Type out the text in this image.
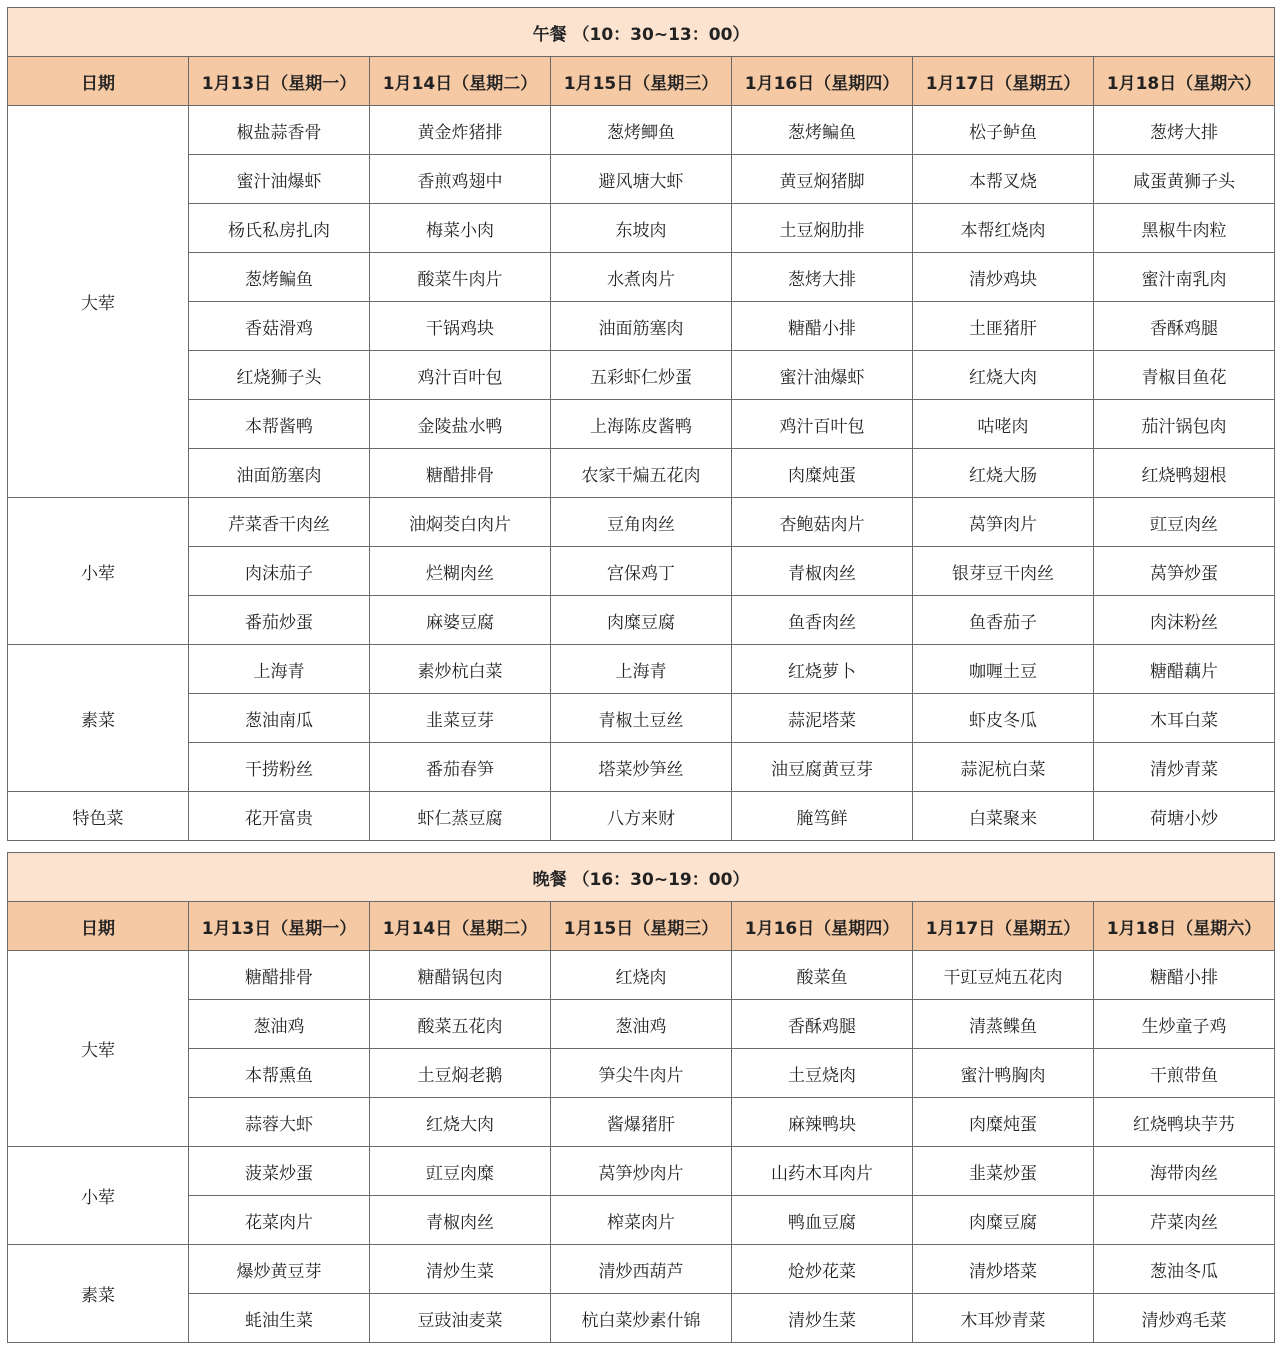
午餐 （10：30~13：00）						
日期	1月13日（星期一）	1月14日（星期二）	1月15日（星期三）	1月16日（星期四）	1月17日（星期五）	1月18日（星期六）
大荤	椒盐蒜香骨	黄金炸猪排	葱烤鲫鱼	葱烤鳊鱼	松子鲈鱼	葱烤大排
	蜜汁油爆虾	香煎鸡翅中	避风塘大虾	黄豆焖猪脚	本帮叉烧	咸蛋黄狮子头
	杨氏私房扎肉	梅菜小肉	东坡肉	土豆焖肋排	本帮红烧肉	黑椒牛肉粒
	葱烤鳊鱼	酸菜牛肉片	水煮肉片	葱烤大排	清炒鸡块	蜜汁南乳肉
	香菇滑鸡	干锅鸡块	油面筋塞肉	糖醋小排	土匪猪肝	香酥鸡腿
	红烧狮子头	鸡汁百叶包	五彩虾仁炒蛋	蜜汁油爆虾	红烧大肉	青椒目鱼花
	本帮酱鸭	金陵盐水鸭	上海陈皮酱鸭	鸡汁百叶包	咕咾肉	茄汁锅包肉
	油面筋塞肉	糖醋排骨	农家干煸五花肉	肉糜炖蛋	红烧大肠	红烧鸭翅根
小荤	芹菜香干肉丝	油焖茭白肉片	豆角肉丝	杏鲍菇肉片	莴笋肉片	豇豆肉丝
	肉沫茄子	烂糊肉丝	宫保鸡丁	青椒肉丝	银芽豆干肉丝	莴笋炒蛋
	番茄炒蛋	麻婆豆腐	肉糜豆腐	鱼香肉丝	鱼香茄子	肉沫粉丝
素菜	上海青	素炒杭白菜	上海青	红烧萝卜	咖喱土豆	糖醋藕片
	葱油南瓜	韭菜豆芽	青椒土豆丝	蒜泥塔菜	虾皮冬瓜	木耳白菜
	干捞粉丝	番茄春笋	塔菜炒笋丝	油豆腐黄豆芽	蒜泥杭白菜	清炒青菜
特色菜	花开富贵	虾仁蒸豆腐	八方来财	腌笃鲜	白菜聚来	荷塘小炒
晚餐 （16：30~19：00）						
日期	1月13日（星期一）	1月14日（星期二）	1月15日（星期三）	1月16日（星期四）	1月17日（星期五）	1月18日（星期六）
大荤	糖醋排骨	糖醋锅包肉	红烧肉	酸菜鱼	干豇豆炖五花肉	糖醋小排
	葱油鸡	酸菜五花肉	葱油鸡	香酥鸡腿	清蒸鲽鱼	生炒童子鸡
	本帮熏鱼	土豆焖老鹅	笋尖牛肉片	土豆烧肉	蜜汁鸭胸肉	干煎带鱼
	蒜蓉大虾	红烧大肉	酱爆猪肝	麻辣鸭块	肉糜炖蛋	红烧鸭块芋艿
小荤	菠菜炒蛋	豇豆肉糜	莴笋炒肉片	山药木耳肉片	韭菜炒蛋	海带肉丝
	花菜肉片	青椒肉丝	榨菜肉片	鸭血豆腐	肉糜豆腐	芹菜肉丝
素菜	爆炒黄豆芽	清炒生菜	清炒西葫芦	炝炒花菜	清炒塔菜	葱油冬瓜
	蚝油生菜	豆豉油麦菜	杭白菜炒素什锦	清炒生菜	木耳炒青菜	清炒鸡毛菜
